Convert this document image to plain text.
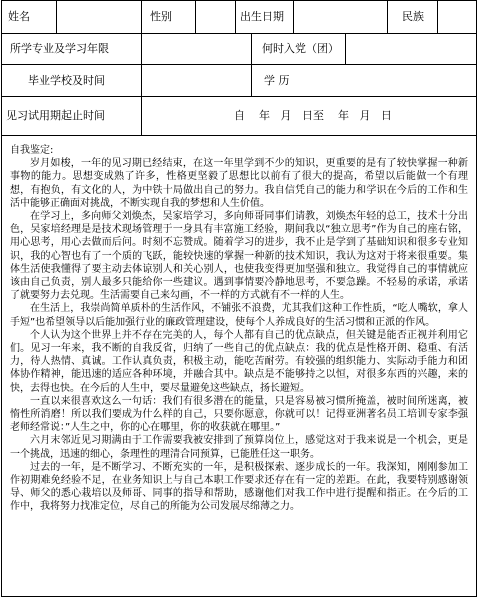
姓名	性别	出生日期	民族
所学专业及学习年限	何时入党（团）
毕业学校及时间	学 历
见习试用期起止时间	自    年   月   日至    年   月   日

自我鉴定:

岁月如梭，一年的见习期已经结束，在这一年里学到不少的知识，更重要的是有了较快掌握一种新事物的能力。思想变成熟了许多，性格更坚毅了思想比以前有了很大的提高，希望以后能做一个有理想，有抱负，有文化的人，为中铁十局做出自己的努力。我自信凭自己的能力和学识在今后的工作和生活中能够正确面对挑战，不断实现自我的梦想和人生价值。

在学习上，多向师父刘焕杰，吴家培学习，多向师哥同事们请教，刘焕杰年轻的总工，技术十分出色，吴家培经理是是技术现场管理于一身具有丰富施工经验，期间我以“独立思考”作为自己的座右铭，用心思考，用心去做而后问。时刻不忘赞成。随着学习的进步，我不止是学到了基础知识和很多专业知识，我的心智也有了一个质的飞跃，能较快速的掌握一种新的技术知识，我认为这对于将来很重要。集体生活使我懂得了要主动去体谅别人和关心别人，也使我变得更加坚强和独立。我觉得自己的事情就应该由自己负责，别人最多只能给你一些建议。遇到事情要冷静地思考，不要急躁。不轻易的承诺，承诺了就要努力去兑现。生活需要自己来勾画，不一样的方式就有不一样的人生。

在生活上，我崇尚简单质朴的生活作风，不铺张不浪费，尤其我们这种工作性质，“吃人嘴软，拿人手短”也希望领导以后能加强行业的廉政管理建设，使每个人养成良好的生活习惯和正派的作风。

个人认为这个世界上并不存在完美的人，每个人都有自己的优点缺点，但关键是能否正视并利用它们。见习一年来，我不断的自我反省，归纳了一些自己的优点缺点：我的优点是性格开朗、稳重、有活力，待人热情、真诚。工作认真负责，积极主动，能吃苦耐劳。有较强的组织能力、实际动手能力和团体协作精神，能迅速的适应各种环境，并融合其中。缺点是不能够持之以恒，对很多东西的兴趣，来的快，去得也快。在今后的人生中，要尽量避免这些缺点，扬长避短。

一直以来很喜欢这么一句话：我们有很多潜在的能量，只是容易被习惯所掩盖，被时间所迷离，被惰性所消磨！所以我们要成为什么样的自己，只要你愿意，你就可以！记得亚洲著名员工培训专家李强老师经常说：”人生之中，你的心在哪里，你的收获就在哪里。”

六月末邻近见习期满由于工作需要我被安排到了预算岗位上，感觉这对于我来说是一个机会，更是一个挑战，迅速的细心，条理性的理清合同预算，已能胜任这一职务。

过去的一年，是不断学习、不断充实的一年，是积极探索、逐步成长的一年。我深知，刚刚参加工作初期难免经验不足，在业务知识上与自己本职工作要求还存在有一定的差距。在此，我要特别感谢领导、师父的悉心栽培以及师哥、同事的指导和帮助，感谢他们对我工作中进行提醒和指正。在今后的工作中，我将努力找准定位，尽自己的所能为公司发展尽绵薄之力。
